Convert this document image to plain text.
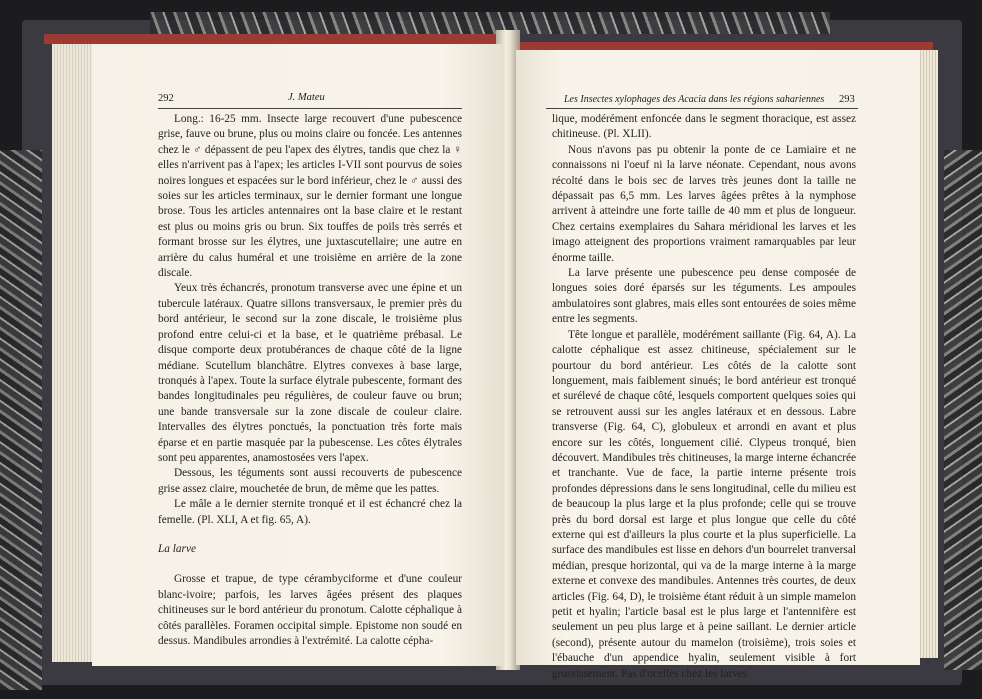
292	J. Mateu

Long.: 16-25 mm. Insecte large recouvert d'une pubescence grise, fauve ou brune, plus ou moins claire ou foncée. Les antennes chez le ♂ dépassent de peu l'apex des élytres, tandis que chez la ♀ elles n'arrivent pas à l'apex; les articles I-VII sont pourvus de soies noires longues et espacées sur le bord inférieur, chez le ♂ aussi des soies sur les articles terminaux, sur le dernier formant une longue brose. Tous les articles antennaires ont la base claire et le restant est plus ou moins gris ou brun. Six touffes de poils très serrés et formant brosse sur les élytres, une juxtascutellaire; une autre en arrière du calus huméral et une troisième en arrière de la zone discale.

Yeux très échancrés, pronotum transverse avec une épine et un tubercule latéraux. Quatre sillons transversaux, le premier près du bord antérieur, le second sur la zone discale, le troisième plus profond entre celui-ci et la base, et le quatrième prébasal. Le disque comporte deux protubérances de chaque côté de la ligne médiane. Scutellum blanchâtre. Elytres convexes à base large, tronqués à l'apex. Toute la surface élytrale pubescente, formant des bandes longitudinales peu régulières, de couleur fauve ou brun; une bande transversale sur la zone discale de couleur claire. Intervalles des élytres ponctués, la ponctuation très forte mais éparse et en partie masquée par la pubescense. Les côtes élytrales sont peu apparentes, anamostosées vers l'apex.

Dessous, les téguments sont aussi recouverts de pubescence grise assez claire, mouchetée de brun, de même que les pattes.

Le mâle a le dernier sternite tronqué et il est échancré chez la femelle. (Pl. XLI, A et fig. 65, A).

La larve

Grosse et trapue, de type cérambyciforme et d'une couleur blanc-ivoire; parfois, les larves âgées présent des plaques chitineuses sur le bord antérieur du pronotum. Calotte céphalique à côtés parallèles. Foramen occipital simple. Epistome non soudé en dessus. Mandibules arrondies à l'extrémité. La calotte cépha-

Les Insectes xylophages des Acacia dans les régions sahariennes 293

lique, modérément enfoncée dans le segment thoracique, est assez chitineuse. (Pl. XLII).

Nous n'avons pas pu obtenir la ponte de ce Lamiaire et ne connaissons ni l'oeuf ni la larve néonate. Cependant, nous avons récolté dans le bois sec de larves très jeunes dont la taille ne dépassait pas 6,5 mm. Les larves âgées prêtes à la nymphose arrivent à atteindre une forte taille de 40 mm et plus de longueur. Chez certains exemplaires du Sahara méridional les larves et les imago atteignent des proportions vraiment ramarquables par leur énorme taille.

La larve présente une pubescence peu dense composée de longues soies doré éparsés sur les téguments. Les ampoules ambulatoires sont glabres, mais elles sont entourées de soies même entre les segments.

Tête longue et parallèle, modérément saillante (Fig. 64, A). La calotte céphalique est assez chitineuse, spécialement sur le pourtour du bord antérieur. Les côtés de la calotte sont longuement, mais faiblement sinués; le bord antérieur est tronqué et surélevé de chaque côté, lesquels comportent quelques soies qui se retrouvent aussi sur les angles latéraux et en dessous. Labre transverse (Fig. 64, C), globuleux et arrondi en avant et plus encore sur les côtés, longuement cilié. Clypeus tronqué, bien découvert. Mandibules très chitineuses, la marge interne échancrée et tranchante. Vue de face, la partie interne présente trois profondes dépressions dans le sens longitudinal, celle du milieu est de beaucoup la plus large et la plus profonde; celle qui se trouve près du bord dorsal est large et plus longue que celle du côté externe qui est d'ailleurs la plus courte et la plus superficielle. La surface des mandibules est lisse en dehors d'un bourrelet tranversal médian, presque horizontal, qui va de la marge interne à la marge externe et convexe des mandibules. Antennes très courtes, de deux articles (Fig. 64, D), le troisième étant réduit à un simple mamelon petit et hyalin; l'article basal est le plus large et l'antennifère est seulement un peu plus large et à peine saillant. Le dernier article (second), présente autour du mamelon (troisième), trois soies et l'ébauche d'un appendice hyalin, seulement visible à fort grossissement. Pas d'ocelles chez les larves
